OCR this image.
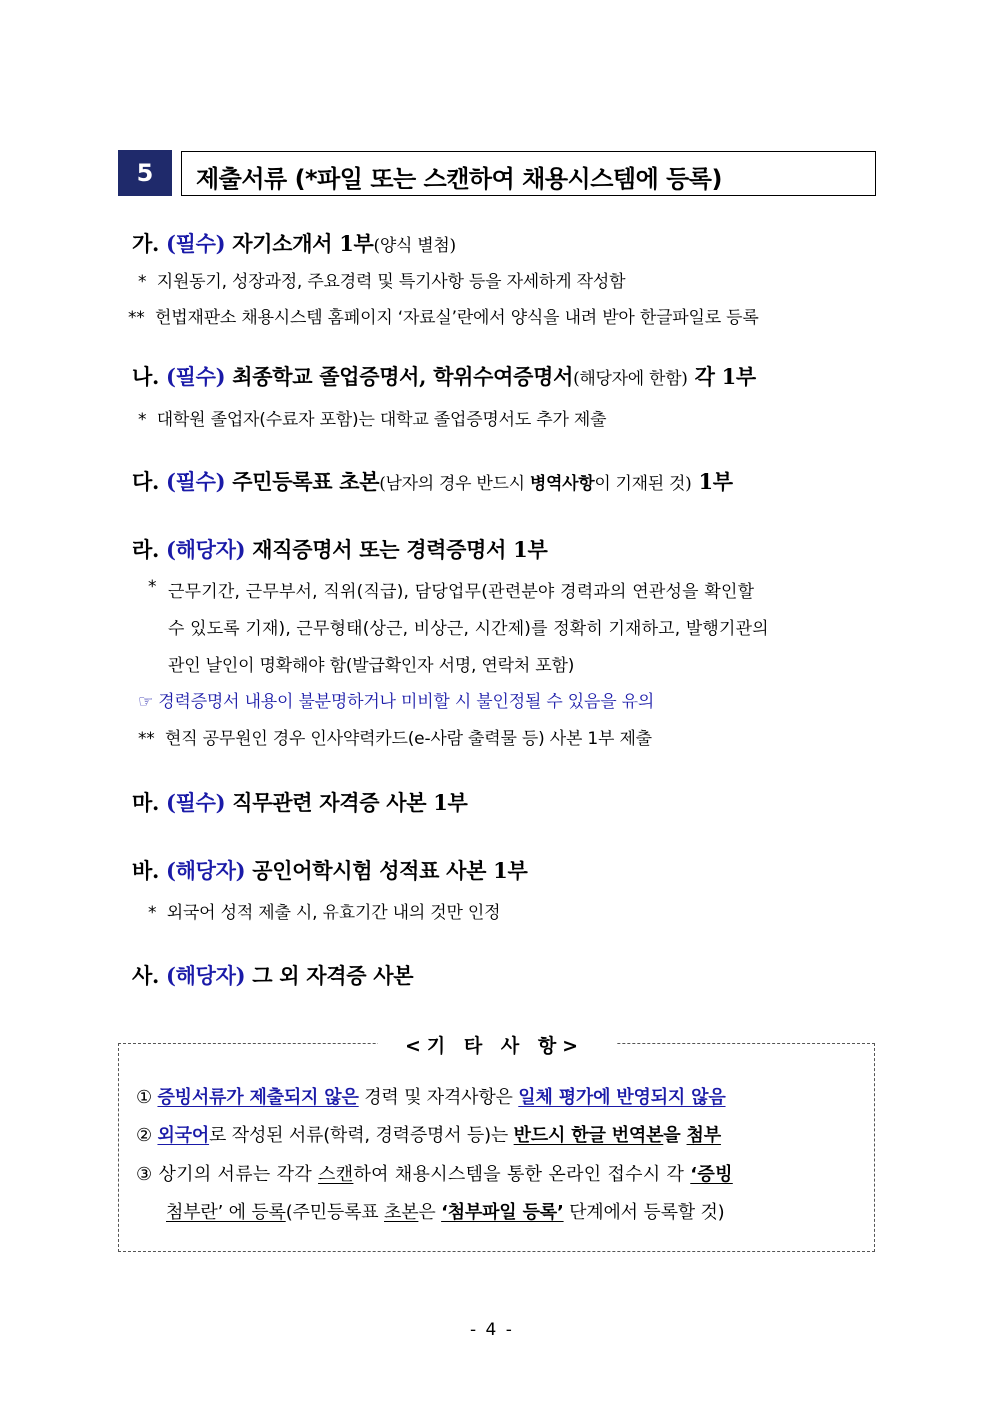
5	제출서류 (*파일 또는 스캔하여 채용시스템에 등록)
가. (필수) 자기소개서 1부(양식 별첨)
* 지원동기, 성장과정, 주요경력 및 특기사항 등을 자세하게 작성함
** 헌법재판소 채용시스템 홈페이지 ‘자료실’란에서 양식을 내려 받아 한글파일로 등록
나. (필수) 최종학교 졸업증명서, 학위수여증명서(해당자에 한함) 각 1부
* 대학원 졸업자(수료자 포함)는 대학교 졸업증명서도 추가 제출
다. (필수) 주민등록표 초본(남자의 경우 반드시 병역사항이 기재된 것) 1부
라. (해당자) 재직증명서 또는 경력증명서 1부
* 근무기간, 근무부서, 직위(직급), 담당업무(관련분야 경력과의 연관성을 확인할
수 있도록 기재), 근무형태(상근, 비상근, 시간제)를 정확히 기재하고, 발행기관의
관인 날인이 명확해야 함(발급확인자 서명, 연락처 포함)
☞ 경력증명서 내용이 불분명하거나 미비할 시 불인정될 수 있음을 유의
** 현직 공무원인 경우 인사약력카드(e-사람 출력물 등) 사본 1부 제출
마. (필수) 직무관련 자격증 사본 1부
바. (해당자) 공인어학시험 성적표 사본 1부
* 외국어 성적 제출 시, 유효기간 내의 것만 인정
사. (해당자) 그 외 자격증 사본
<기 타 사 항>
① 증빙서류가 제출되지 않은 경력 및 자격사항은 일체 평가에 반영되지 않음
② 외국어로 작성된 서류(학력, 경력증명서 등)는 반드시 한글 번역본을 첨부
③ 상기의 서류는 각각 스캔하여 채용시스템을 통한 온라인 접수시 각 ‘증빙
첨부란’ 에 등록(주민등록표 초본은 ‘첨부파일 등록’ 단계에서 등록할 것)
- 4 -
